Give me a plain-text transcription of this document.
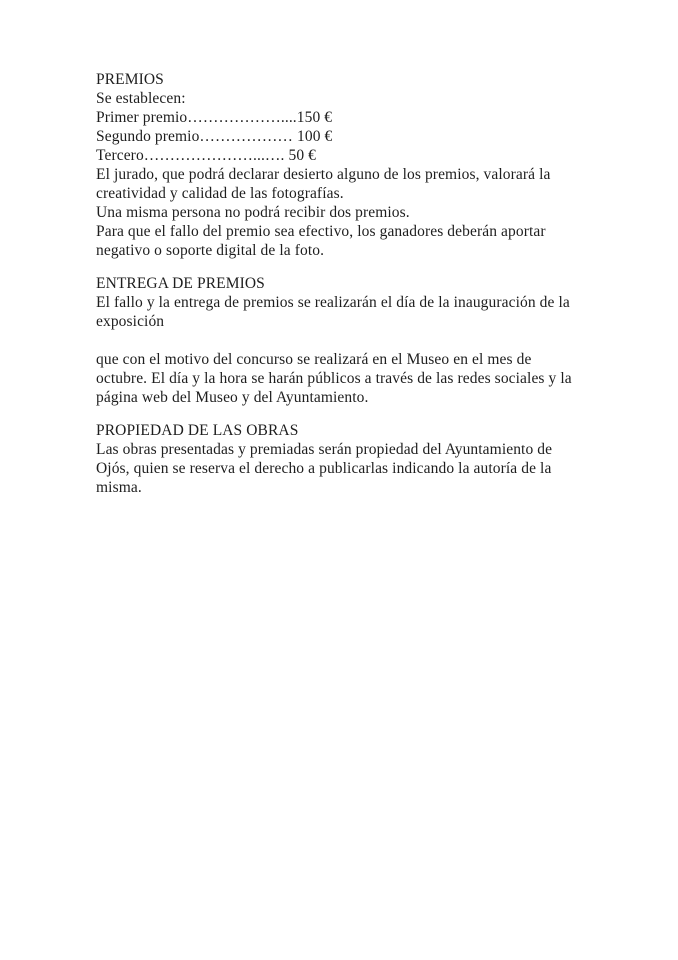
PREMIOS
Se establecen:
Primer premio………………....150 €
Segundo premio……………… 100 €
Tercero…………………...…. 50 €
El jurado, que podrá declarar desierto alguno de los premios, valorará la
creatividad y calidad de las fotografías.
Una misma persona no podrá recibir dos premios.
Para que el fallo del premio sea efectivo, los ganadores deberán aportar
negativo o soporte digital de la foto.
ENTREGA DE PREMIOS
El fallo y la entrega de premios se realizarán el día de la inauguración de la
exposición
que con el motivo del concurso se realizará en el Museo en el mes de
octubre. El día y la hora se harán públicos a través de las redes sociales y la
página web del Museo y del Ayuntamiento.
PROPIEDAD DE LAS OBRAS
Las obras presentadas y premiadas serán propiedad del Ayuntamiento de
Ojós, quien se reserva el derecho a publicarlas indicando la autoría de la
misma.
